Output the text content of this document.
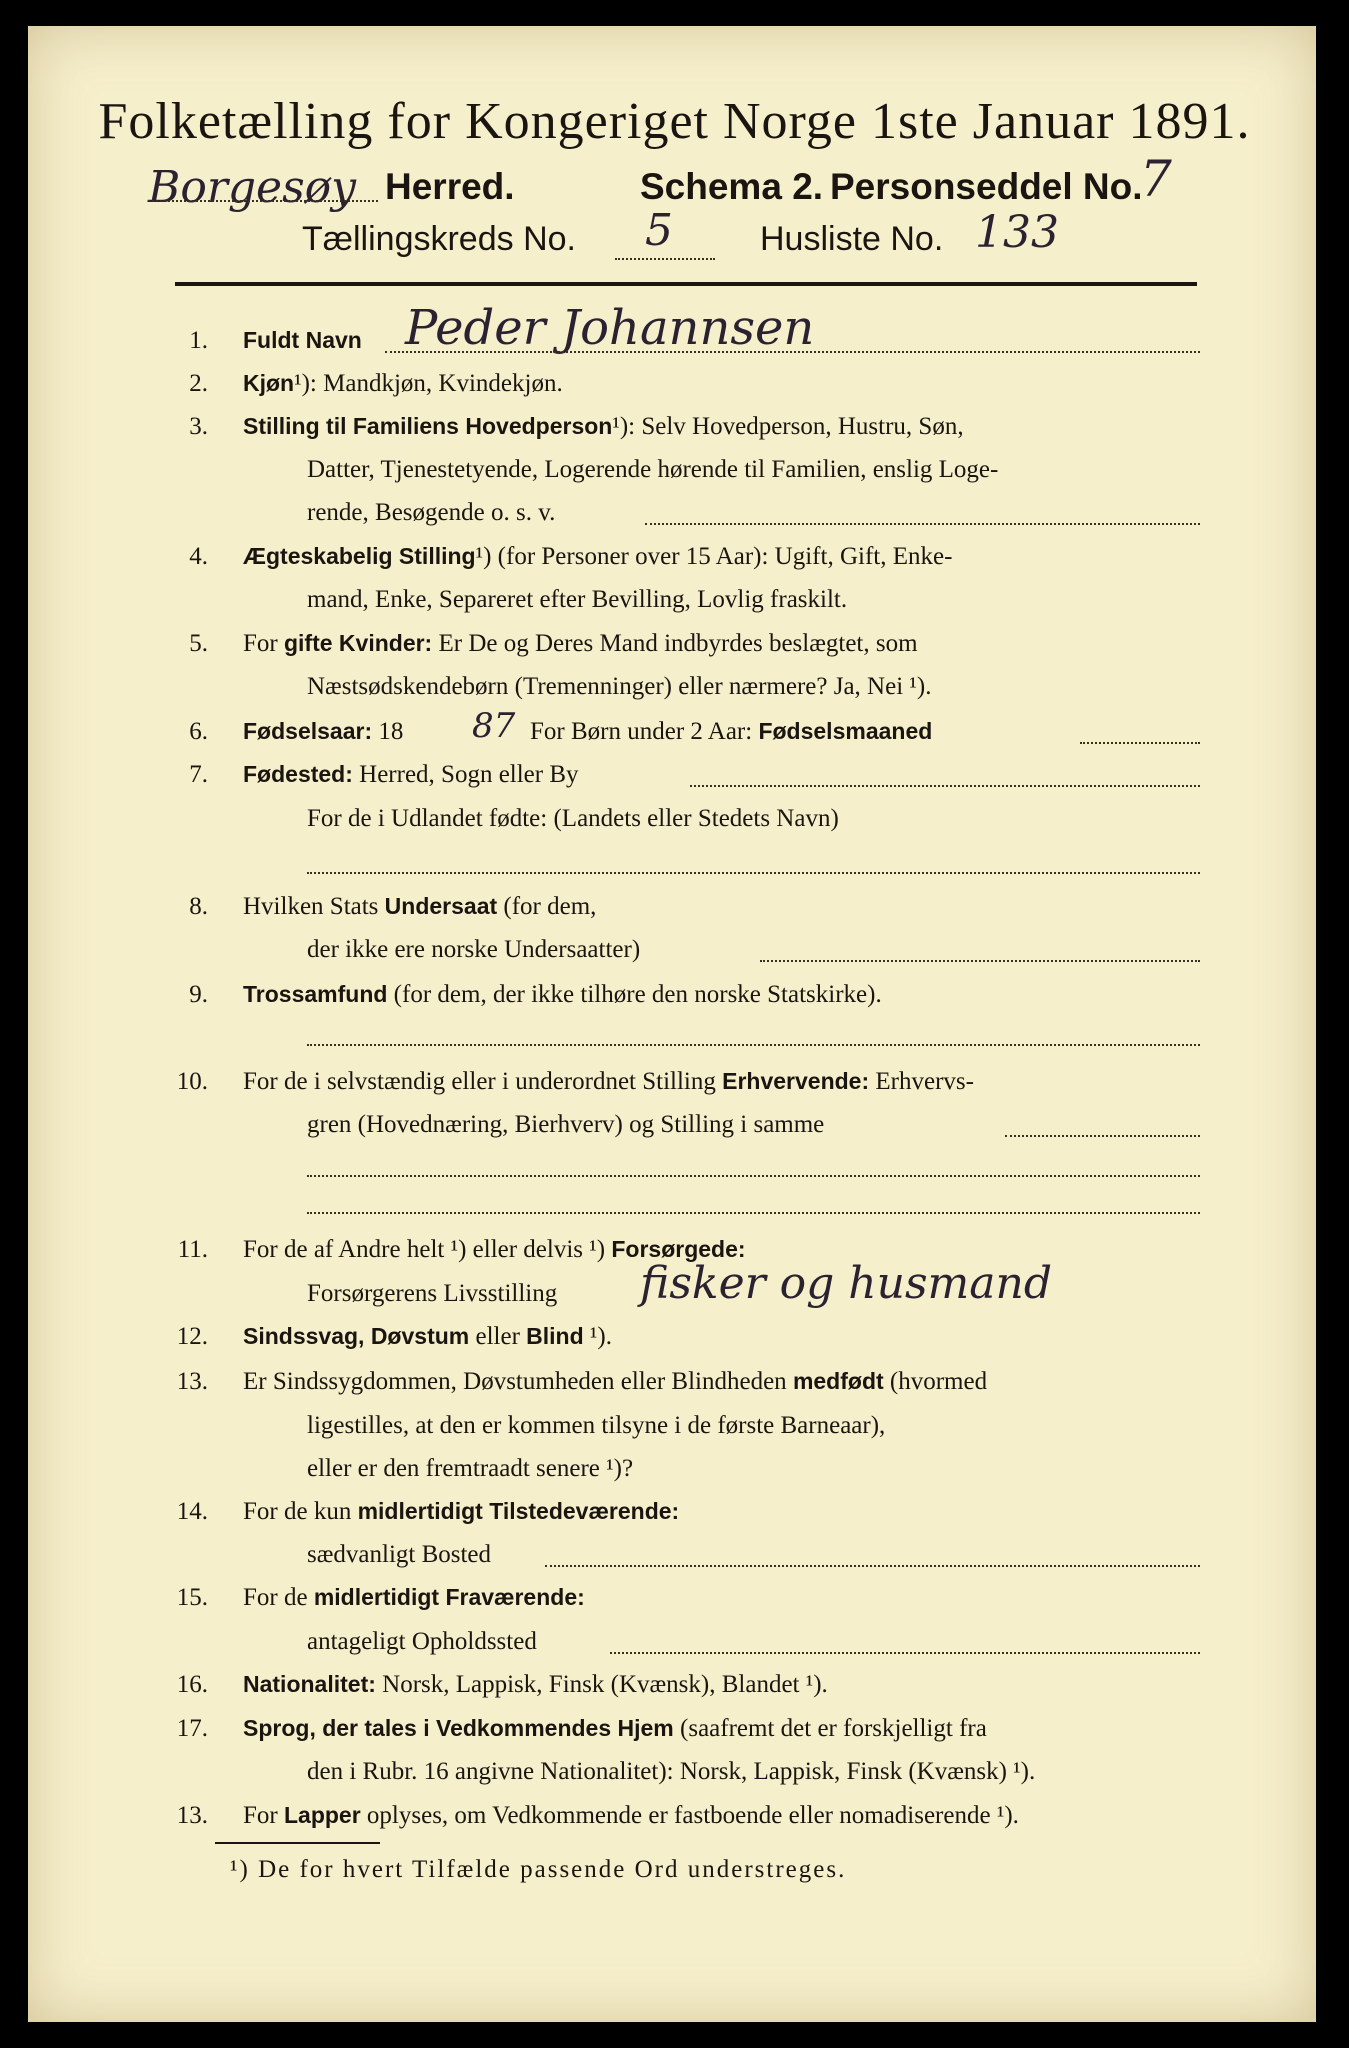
Folketælling for Kongeriget Norge 1ste Januar 1891.
Borgesøy Herred.	Schema 2. Personseddel No.
7
Tællingskreds No. 5	Husliste No. 133
1. Fuldt Navn Peder Johannsen
2. Kjøn¹): Mandkjøn, Kvindekjøn.
3. Stilling til Familiens Hovedperson¹): Selv Hovedperson, Hustru, Søn,
Datter, Tjenestetyende, Logerende hørende til Familien, enslig Loge-
rende, Besøgende o. s. v.
4. Ægteskabelig Stilling¹) (for Personer over 15 Aar): Ugift, Gift, Enke-
mand, Enke, Separeret efter Bevilling, Lovlig fraskilt.
5. For gifte Kvinder: Er De og Deres Mand indbyrdes beslægtet, som
Næstsødskendebørn (Tremenninger) eller nærmere? Ja, Nei ¹).
6. Fødselsaar: 18 87 For Børn under 2 Aar: Fødselsmaaned
7. Fødested: Herred, Sogn eller By
For de i Udlandet fødte: (Landets eller Stedets Navn)
8. Hvilken Stats Undersaat (for dem,
der ikke ere norske Undersaatter)
9. Trossamfund (for dem, der ikke tilhøre den norske Statskirke).
10. For de i selvstændig eller i underordnet Stilling Erhvervende: Erhvervs-
gren (Hovednæring, Bierhverv) og Stilling i samme
11. For de af Andre helt ¹) eller delvis ¹) Forsørgede:
Forsørgerens Livsstilling fisker og husmand
12. Sindssvag, Døvstum eller Blind ¹).
13. Er Sindssygdommen, Døvstumheden eller Blindheden medfødt (hvormed
ligestilles, at den er kommen tilsyne i de første Barneaar),
eller er den fremtraadt senere ¹)?
14. For de kun midlertidigt Tilstedeværende:
sædvanligt Bosted
15. For de midlertidigt Fraværende:
antageligt Opholdssted
16. Nationalitet: Norsk, Lappisk, Finsk (Kvænsk), Blandet ¹).
17. Sprog, der tales i Vedkommendes Hjem (saafremt det er forskjelligt fra
den i Rubr. 16 angivne Nationalitet): Norsk, Lappisk, Finsk (Kvænsk) ¹).
13. For Lapper oplyses, om Vedkommende er fastboende eller nomadiserende ¹).
¹) De for hvert Tilfælde passende Ord understreges.
